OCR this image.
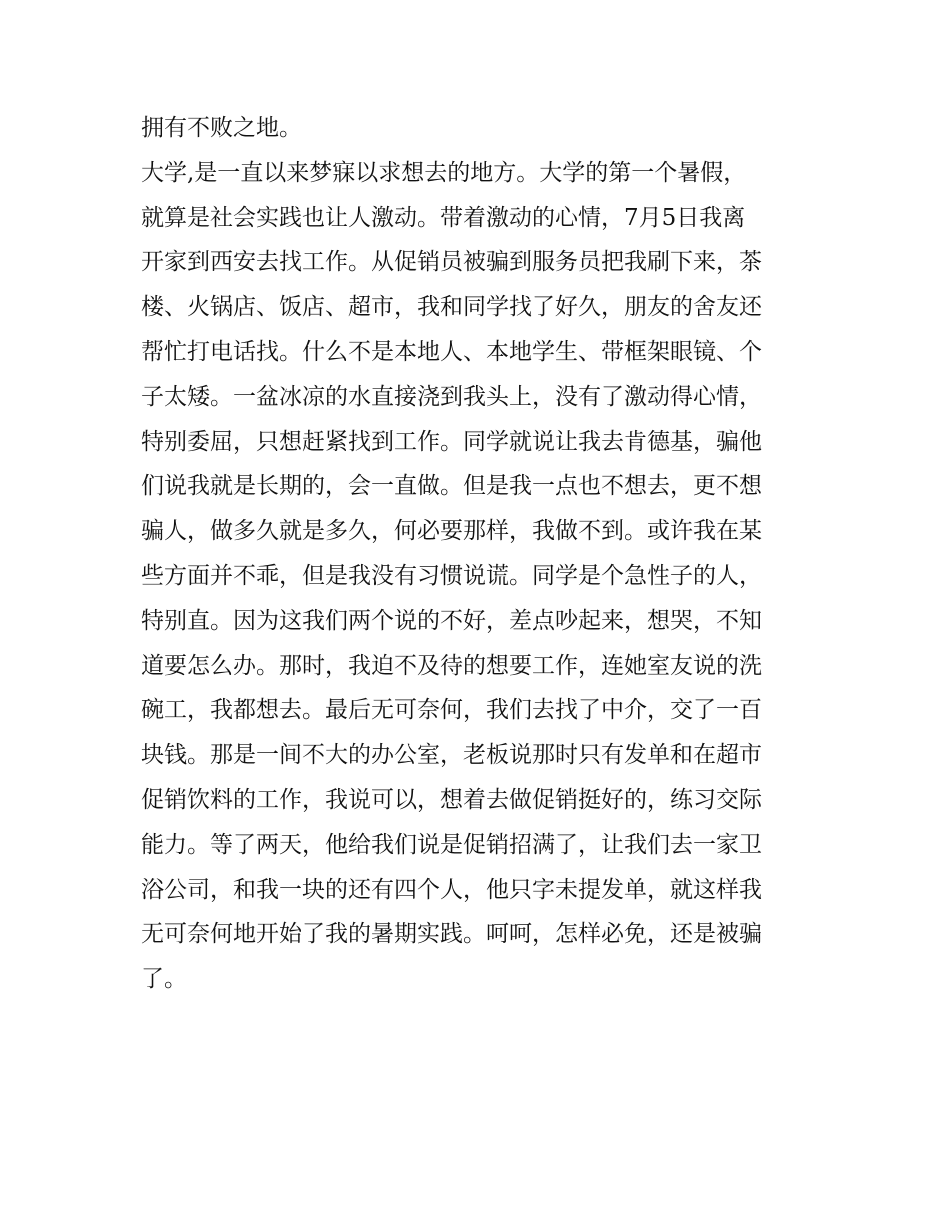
拥有不败之地。
大学,是一直以来梦寐以求想去的地方。大学的第一个暑假，
就算是社会实践也让人激动。带着激动的心情，7月5日我离
开家到西安去找工作。从促销员被骗到服务员把我刷下来，茶
楼、火锅店、饭店、超市，我和同学找了好久，朋友的舍友还
帮忙打电话找。什么不是本地人、本地学生、带框架眼镜、个
子太矮。一盆冰凉的水直接浇到我头上，没有了激动得心情，
特别委屈，只想赶紧找到工作。同学就说让我去肯德基，骗他
们说我就是长期的，会一直做。但是我一点也不想去，更不想
骗人，做多久就是多久，何必要那样，我做不到。或许我在某
些方面并不乖，但是我没有习惯说谎。同学是个急性子的人，
特别直。因为这我们两个说的不好，差点吵起来，想哭，不知
道要怎么办。那时，我迫不及待的想要工作，连她室友说的洗
碗工，我都想去。最后无可奈何，我们去找了中介，交了一百
块钱。那是一间不大的办公室，老板说那时只有发单和在超市
促销饮料的工作，我说可以，想着去做促销挺好的，练习交际
能力。等了两天，他给我们说是促销招满了，让我们去一家卫
浴公司，和我一块的还有四个人，他只字未提发单，就这样我
无可奈何地开始了我的暑期实践。呵呵，怎样必免，还是被骗
了。
